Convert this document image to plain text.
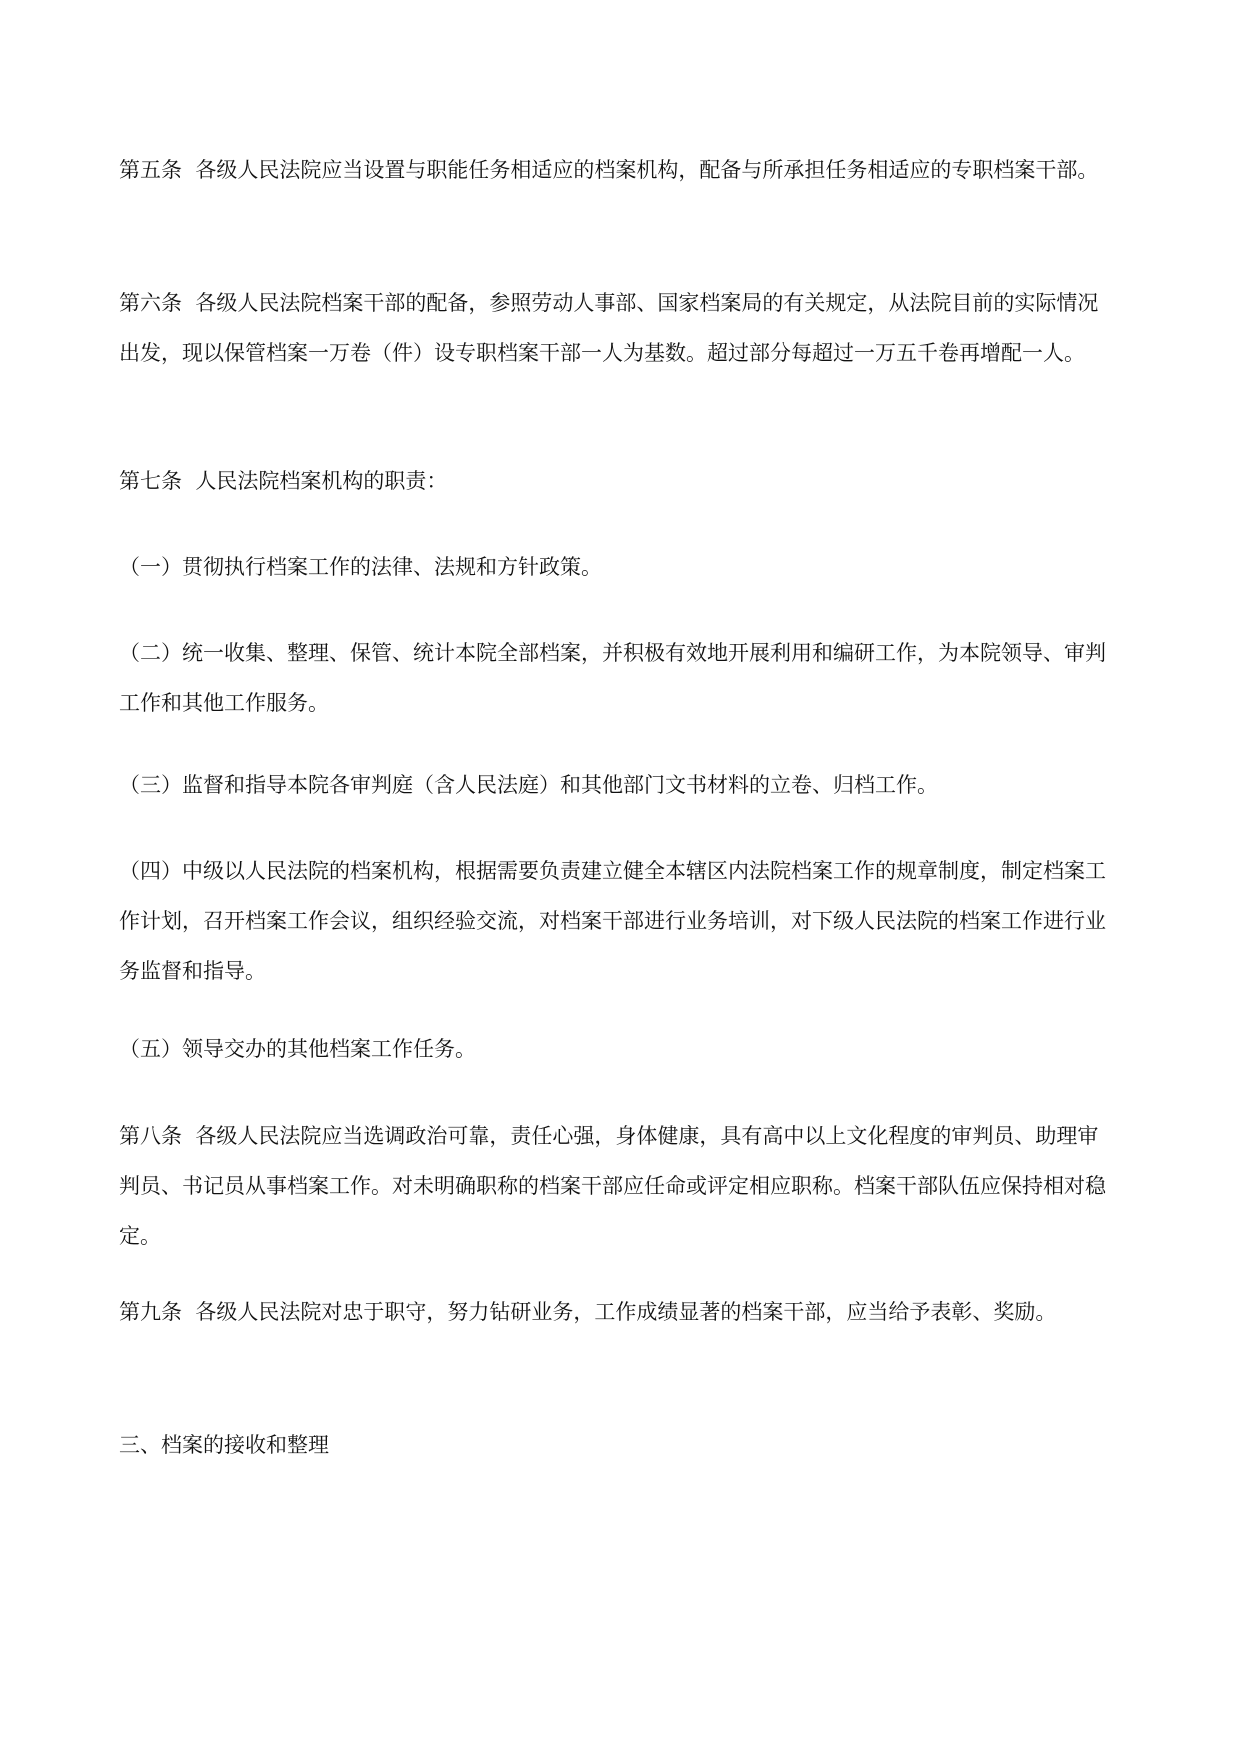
第五条  各级人民法院应当设置与职能任务相适应的档案机构，配备与所承担任务相适应的专职档案干部。

第六条  各级人民法院档案干部的配备，参照劳动人事部、国家档案局的有关规定，从法院目前的实际情况出发，现以保管档案一万卷（件）设专职档案干部一人为基数。超过部分每超过一万五千卷再增配一人。

第七条  人民法院档案机构的职责：

（一）贯彻执行档案工作的法律、法规和方针政策。

（二）统一收集、整理、保管、统计本院全部档案，并积极有效地开展利用和编研工作，为本院领导、审判工作和其他工作服务。

（三）监督和指导本院各审判庭（含人民法庭）和其他部门文书材料的立卷、归档工作。

（四）中级以人民法院的档案机构，根据需要负责建立健全本辖区内法院档案工作的规章制度，制定档案工作计划，召开档案工作会议，组织经验交流，对档案干部进行业务培训，对下级人民法院的档案工作进行业务监督和指导。

（五）领导交办的其他档案工作任务。

第八条  各级人民法院应当选调政治可靠，责任心强，身体健康，具有高中以上文化程度的审判员、助理审判员、书记员从事档案工作。对未明确职称的档案干部应任命或评定相应职称。档案干部队伍应保持相对稳定。

第九条  各级人民法院对忠于职守，努力钻研业务，工作成绩显著的档案干部，应当给予表彰、奖励。

三、档案的接收和整理
